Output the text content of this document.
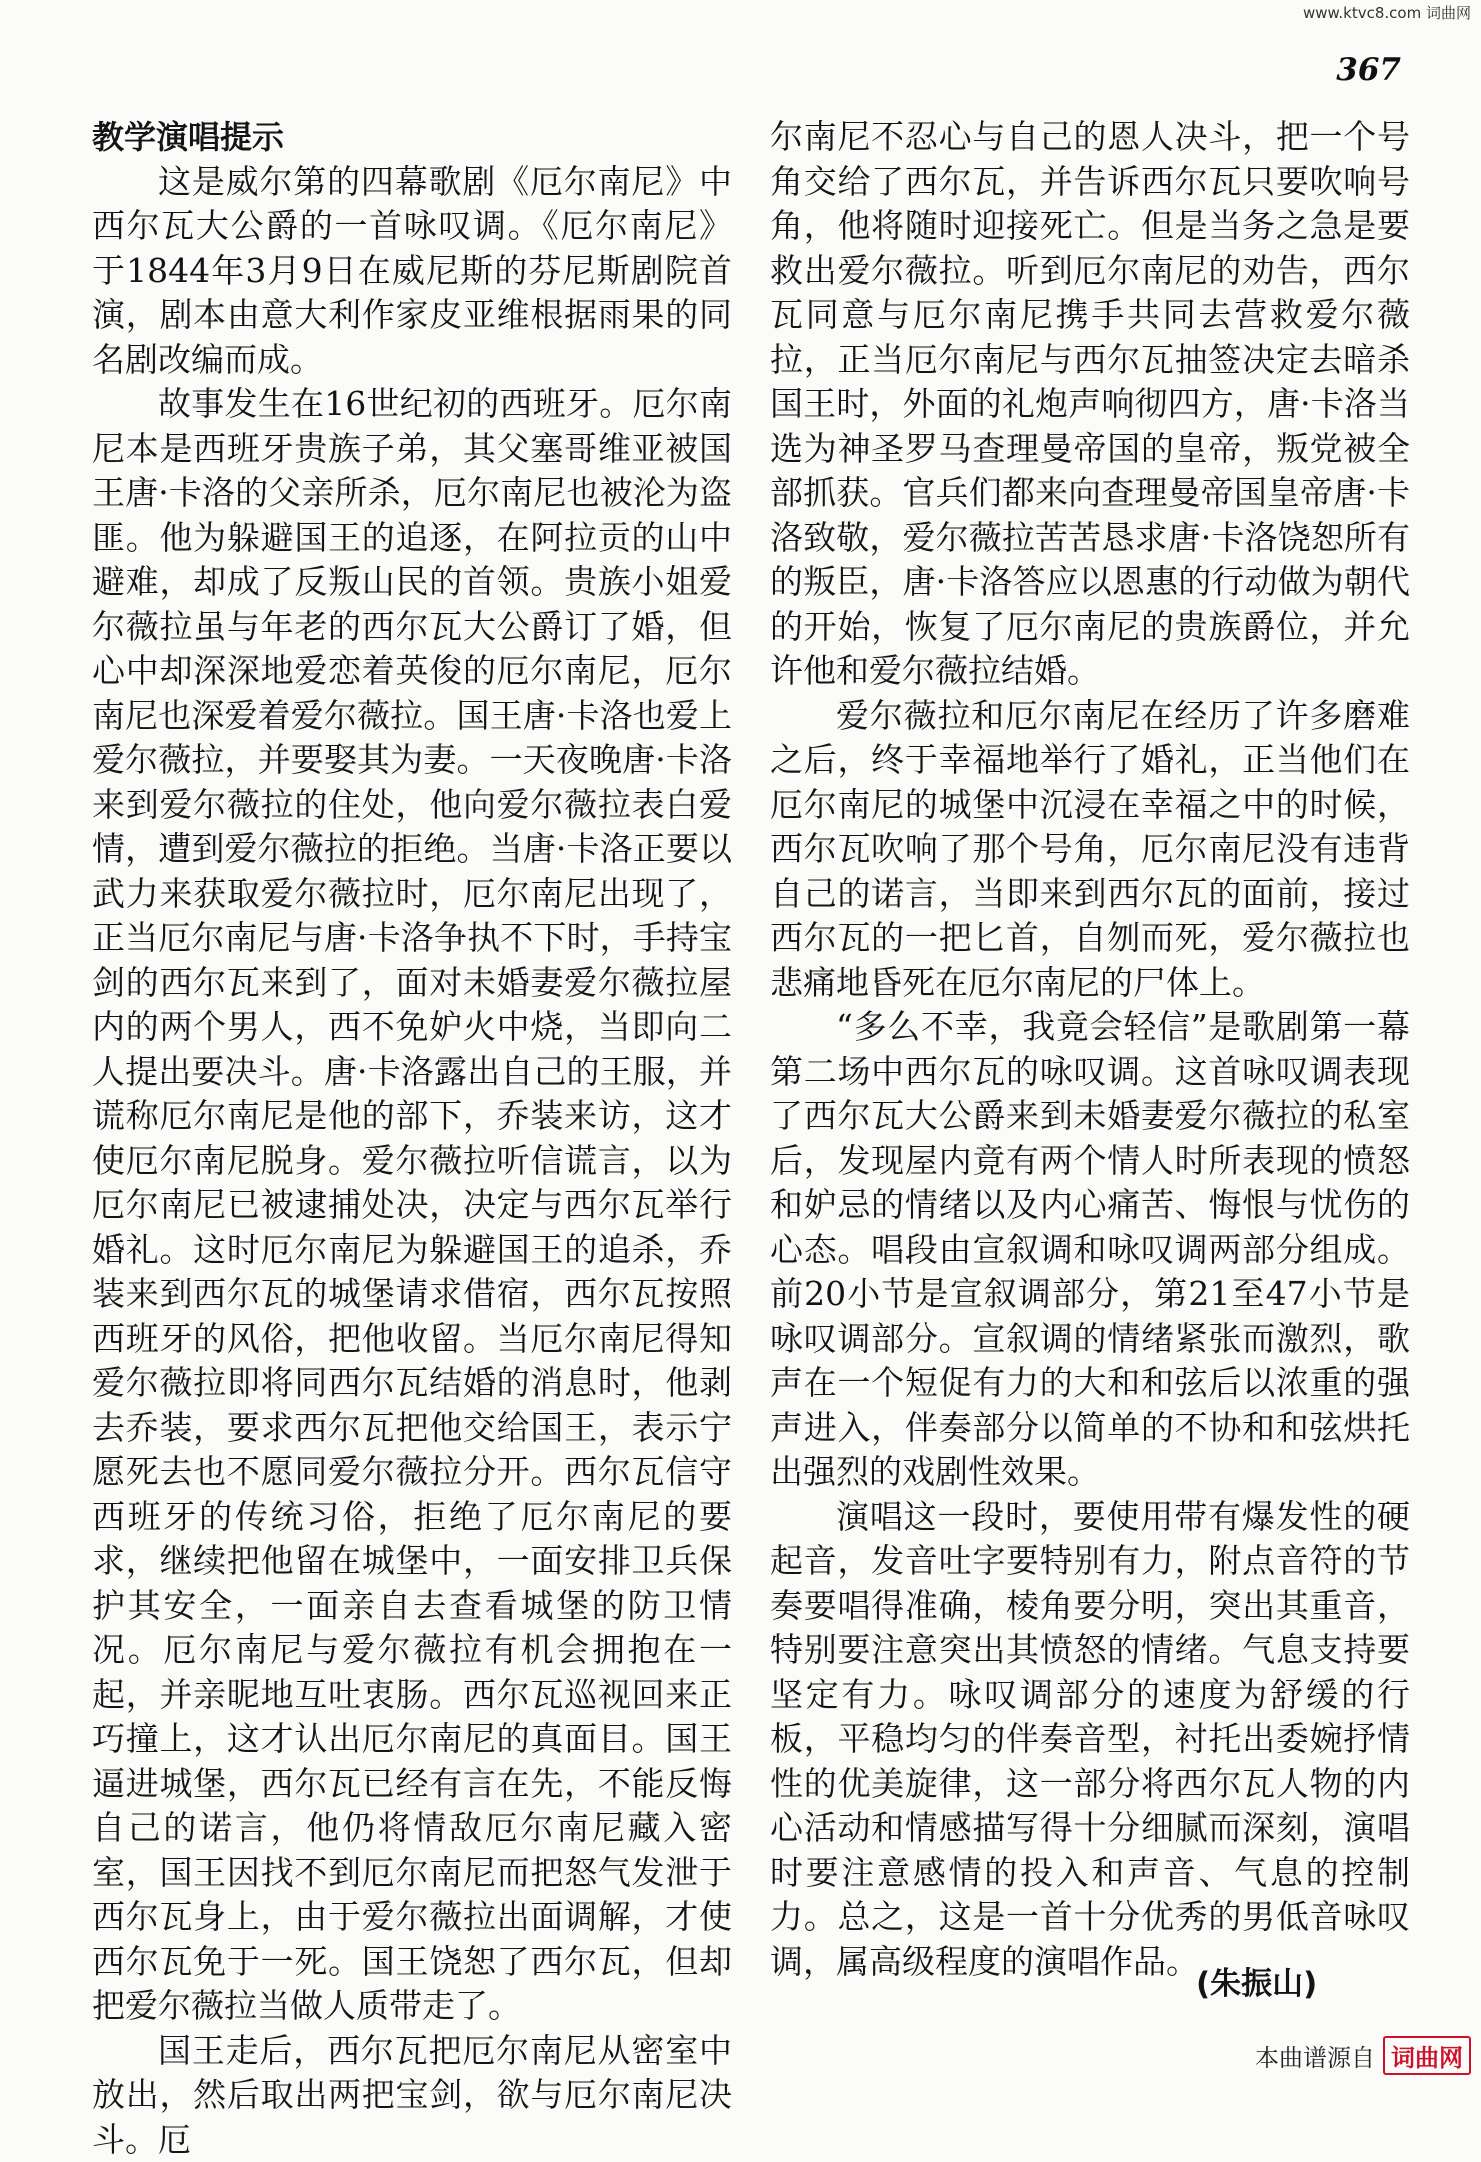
www.ktvc8.com 词曲网
367
教学演唱提示

这是威尔第的四幕歌剧《厄尔南尼》中西尔瓦大公爵的一首咏叹调。《厄尔南尼》于1844年3月9日在威尼斯的芬尼斯剧院首演，剧本由意大利作家皮亚维根据雨果的同名剧改编而成。

故事发生在16世纪初的西班牙。厄尔南尼本是西班牙贵族子弟，其父塞哥维亚被国王唐·卡洛的父亲所杀，厄尔南尼也被沦为盗匪。他为躲避国王的追逐，在阿拉贡的山中避难，却成了反叛山民的首领。贵族小姐爱尔薇拉虽与年老的西尔瓦大公爵订了婚，但心中却深深地爱恋着英俊的厄尔南尼，厄尔南尼也深爱着爱尔薇拉。国王唐·卡洛也爱上爱尔薇拉，并要娶其为妻。一天夜晚唐·卡洛来到爱尔薇拉的住处，他向爱尔薇拉表白爱情，遭到爱尔薇拉的拒绝。当唐·卡洛正要以武力来获取爱尔薇拉时，厄尔南尼出现了，正当厄尔南尼与唐·卡洛争执不下时，手持宝剑的西尔瓦来到了，面对未婚妻爱尔薇拉屋内的两个男人，西不免妒火中烧，当即向二人提出要决斗。唐·卡洛露出自己的王服，并谎称厄尔南尼是他的部下，乔装来访，这才使厄尔南尼脱身。爱尔薇拉听信谎言，以为厄尔南尼已被逮捕处决，决定与西尔瓦举行婚礼。这时厄尔南尼为躲避国王的追杀，乔装来到西尔瓦的城堡请求借宿，西尔瓦按照西班牙的风俗，把他收留。当厄尔南尼得知爱尔薇拉即将同西尔瓦结婚的消息时，他剥去乔装，要求西尔瓦把他交给国王，表示宁愿死去也不愿同爱尔薇拉分开。西尔瓦信守西班牙的传统习俗，拒绝了厄尔南尼的要求，继续把他留在城堡中，一面安排卫兵保护其安全，一面亲自去查看城堡的防卫情况。厄尔南尼与爱尔薇拉有机会拥抱在一起，并亲昵地互吐衷肠。西尔瓦巡视回来正巧撞上，这才认出厄尔南尼的真面目。国王逼进城堡，西尔瓦已经有言在先，不能反悔自己的诺言，他仍将情敌厄尔南尼藏入密室，国王因找不到厄尔南尼而把怒气发泄于西尔瓦身上，由于爱尔薇拉出面调解，才使西尔瓦免于一死。国王饶恕了西尔瓦，但却把爱尔薇拉当做人质带走了。

国王走后，西尔瓦把厄尔南尼从密室中放出，然后取出两把宝剑，欲与厄尔南尼决斗。厄

尔南尼不忍心与自己的恩人决斗，把一个号角交给了西尔瓦，并告诉西尔瓦只要吹响号角，他将随时迎接死亡。但是当务之急是要救出爱尔薇拉。听到厄尔南尼的劝告，西尔瓦同意与厄尔南尼携手共同去营救爱尔薇拉，正当厄尔南尼与西尔瓦抽签决定去暗杀国王时，外面的礼炮声响彻四方，唐·卡洛当选为神圣罗马查理曼帝国的皇帝，叛党被全部抓获。官兵们都来向查理曼帝国皇帝唐·卡洛致敬，爱尔薇拉苦苦恳求唐·卡洛饶恕所有的叛臣，唐·卡洛答应以恩惠的行动做为朝代的开始，恢复了厄尔南尼的贵族爵位，并允许他和爱尔薇拉结婚。

爱尔薇拉和厄尔南尼在经历了许多磨难之后，终于幸福地举行了婚礼，正当他们在厄尔南尼的城堡中沉浸在幸福之中的时候，西尔瓦吹响了那个号角，厄尔南尼没有违背自己的诺言，当即来到西尔瓦的面前，接过西尔瓦的一把匕首，自刎而死，爱尔薇拉也悲痛地昏死在厄尔南尼的尸体上。

“多么不幸，我竟会轻信”是歌剧第一幕第二场中西尔瓦的咏叹调。这首咏叹调表现了西尔瓦大公爵来到未婚妻爱尔薇拉的私室后，发现屋内竟有两个情人时所表现的愤怒和妒忌的情绪以及内心痛苦、悔恨与忧伤的心态。唱段由宣叙调和咏叹调两部分组成。前20小节是宣叙调部分，第21至47小节是咏叹调部分。宣叙调的情绪紧张而激烈，歌声在一个短促有力的大和和弦后以浓重的强声进入，伴奏部分以简单的不协和和弦烘托出强烈的戏剧性效果。

演唱这一段时，要使用带有爆发性的硬起音，发音吐字要特别有力，附点音符的节奏要唱得准确，棱角要分明，突出其重音，特别要注意突出其愤怒的情绪。气息支持要坚定有力。咏叹调部分的速度为舒缓的行板，平稳均匀的伴奏音型，衬托出委婉抒情性的优美旋律，这一部分将西尔瓦人物的内心活动和情感描写得十分细腻而深刻，演唱时要注意感情的投入和声音、气息的控制力。总之，这是一首十分优秀的男低音咏叹调，属高级程度的演唱作品。

(朱振山)
本曲谱源自 词曲网
